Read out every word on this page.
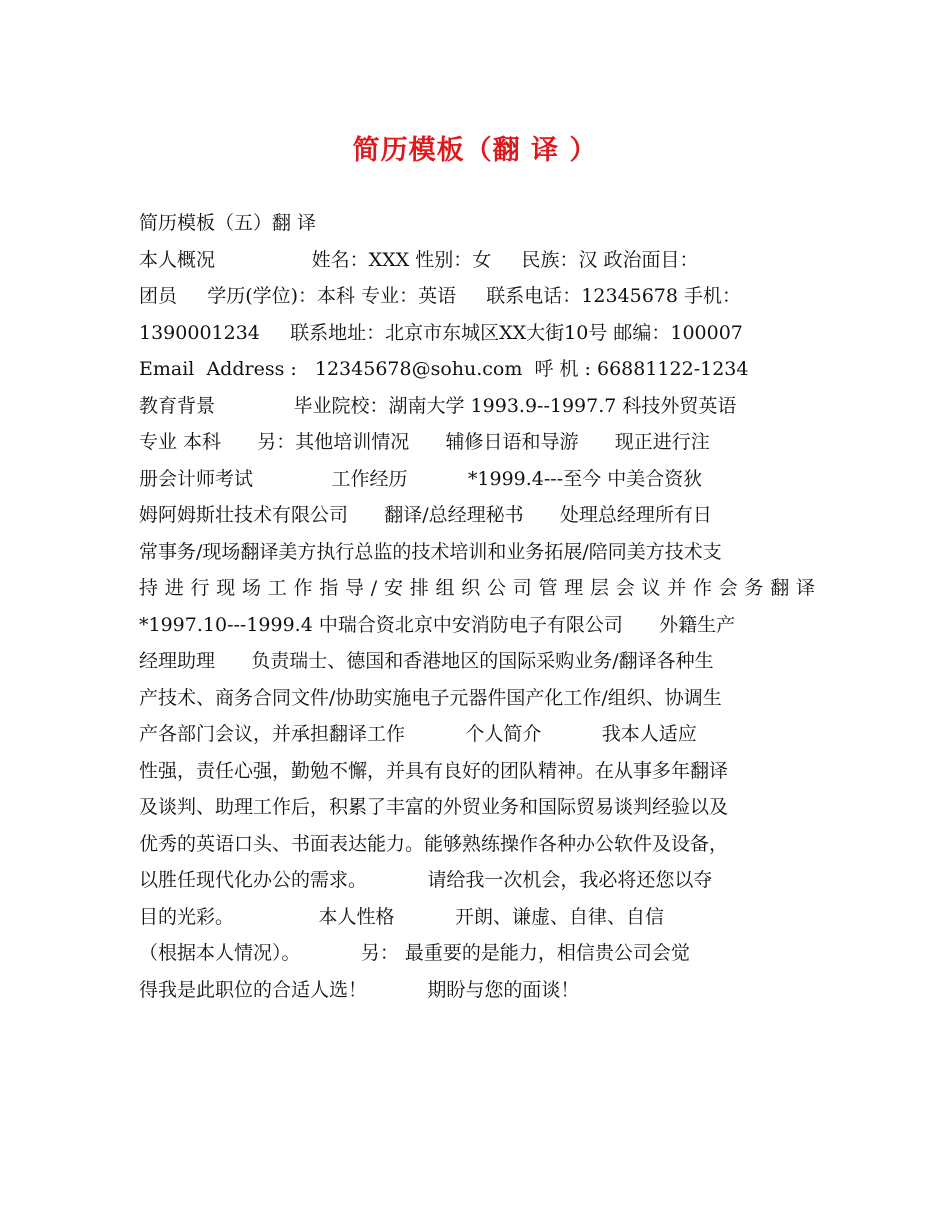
简历模板（翻 译 ）
简历模板（五）翻 译
本人概况                姓名：XXX 性别：女     民族：汉 政治面目：
团员     学历(学位)：本科 专业：英语     联系电话：12345678 手机：
1390001234     联系地址：北京市东城区XX大街10号 邮编：100007
Email  Address :   12345678@sohu.com  呼 机 : 66881122-1234
教育背景             毕业院校：湖南大学 1993.9--1997.7 科技外贸英语
专业 本科      另：其他培训情况      辅修日语和导游      现正进行注
册会计师考试             工作经历          *1999.4---至今 中美合资狄
姆阿姆斯壮技术有限公司      翻译/总经理秘书      处理总经理所有日
常事务/现场翻译美方执行总监的技术培训和业务拓展/陪同美方技术支
持进行现场工作指导/安排组织公司管理层会议并作会务翻译
*1997.10---1999.4 中瑞合资北京中安消防电子有限公司      外籍生产
经理助理      负责瑞士、德国和香港地区的国际采购业务/翻译各种生
产技术、商务合同文件/协助实施电子元器件国产化工作/组织、协调生
产各部门会议，并承担翻译工作          个人简介          我本人适应
性强，责任心强，勤勉不懈，并具有良好的团队精神。在从事多年翻译
及谈判、助理工作后，积累了丰富的外贸业务和国际贸易谈判经验以及
优秀的英语口头、书面表达能力。能够熟练操作各种办公软件及设备，
以胜任现代化办公的需求。          请给我一次机会，我必将还您以夺
目的光彩。              本人性格          开朗、谦虚、自律、自信
（根据本人情况）。          另： 最重要的是能力，相信贵公司会觉
得我是此职位的合适人选！          期盼与您的面谈！
